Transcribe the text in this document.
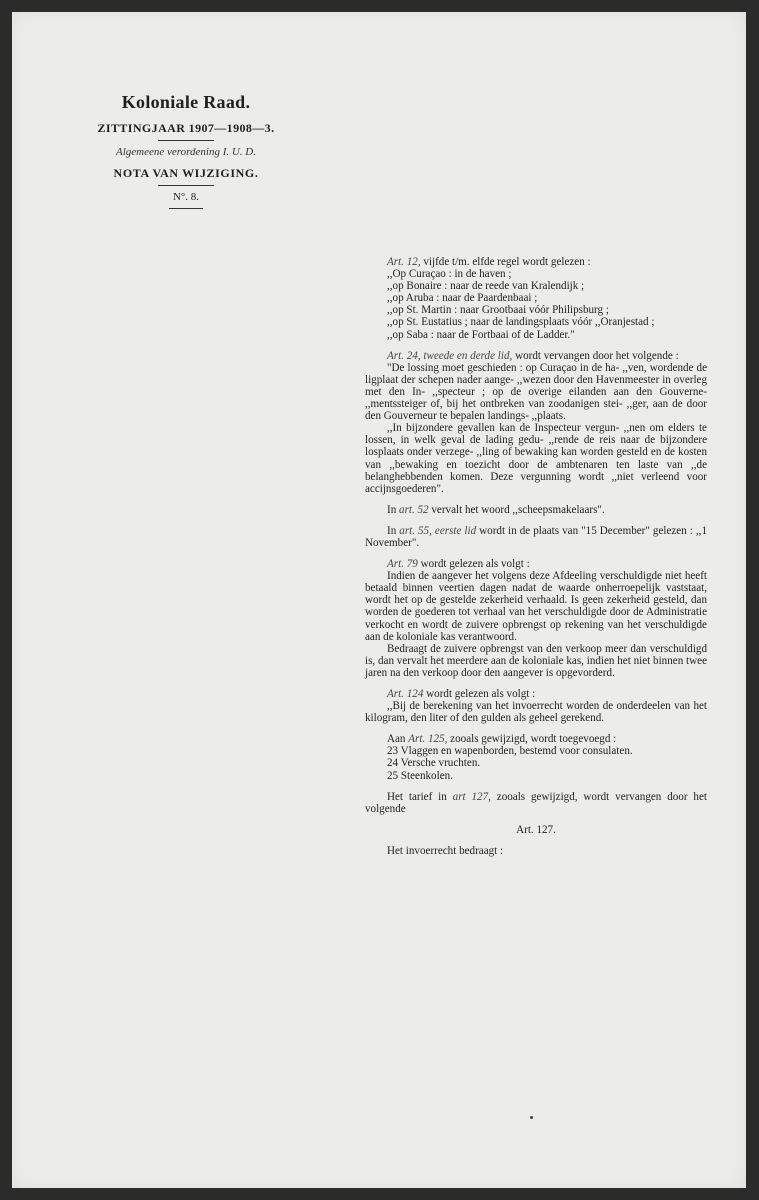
Koloniale Raad.
ZITTINGJAAR 1907—1908—3.
Algemeene verordening I. U. D.
NOTA VAN WIJZIGING.
N°. 8.

Art. 12, vijfde t/m. elfde regel wordt gelezen :

,,Op Curaçao : in de haven ;

,,op Bonaire : naar de reede van Kralendijk ;

,,op Aruba : naar de Paardenbaai ;

,,op St. Martin : naar Grootbaai vóór Philipsburg ;

,,op St. Eustatius ; naar de landingsplaats vóór ,,Oranjestad ;

,,op Saba : naar de Fortbaai of de Ladder."

Art. 24, tweede en derde lid, wordt vervangen door het volgende :

"De lossing moet geschieden : op Curaçao in de ha- ,,ven, wordende de ligplaat der schepen nader aange- ,,wezen door den Havenmeester in overleg met den In- ,,specteur ; op de overige eilanden aan den Gouverne- ,,mentssteiger of, bij het ontbreken van zoodanigen stei- ,,ger, aan de door den Gouverneur te bepalen landings- ,,plaats.

,,In bijzondere gevallen kan de Inspecteur vergun- ,,nen om elders te lossen, in welk geval de lading gedu- ,,rende de reis naar de bijzondere losplaats onder verzege- ,,ling of bewaking kan worden gesteld en de kosten van ,,bewaking en toezicht door de ambtenaren ten laste van ,,de belanghebbenden komen. Deze vergunning wordt ,,niet verleend voor accijnsgoederen".

In art. 52 vervalt het woord ,,scheepsmakelaars".

In art. 55, eerste lid wordt in de plaats van "15 December" gelezen : ,,1 November".

Art. 79 wordt gelezen als volgt :

Indien de aangever het volgens deze Afdeeling verschuldigde niet heeft betaald binnen veertien dagen nadat de waarde onherroepelijk vaststaat, wordt het op de gestelde zekerheid verhaald. Is geen zekerheid gesteld, dan worden de goederen tot verhaal van het verschuldigde door de Administratie verkocht en wordt de zuivere opbrengst op rekening van het verschuldigde aan de koloniale kas verantwoord.

Bedraagt de zuivere opbrengst van den verkoop meer dan verschuldigd is, dan vervalt het meerdere aan de koloniale kas, indien het niet binnen twee jaren na den verkoop door den aangever is opgevorderd.

Art. 124 wordt gelezen als volgt :

,,Bij de berekening van het invoerrecht worden de onderdeelen van het kilogram, den liter of den gulden als geheel gerekend.

Aan Art. 125, zooals gewijzigd, wordt toegevoegd :

23 Vlaggen en wapenborden, bestemd voor consulaten.

24 Versche vruchten.

25 Steenkolen.

Het tarief in art 127, zooals gewijzigd, wordt vervangen door het volgende

Art. 127.

Het invoerrecht bedraagt :
